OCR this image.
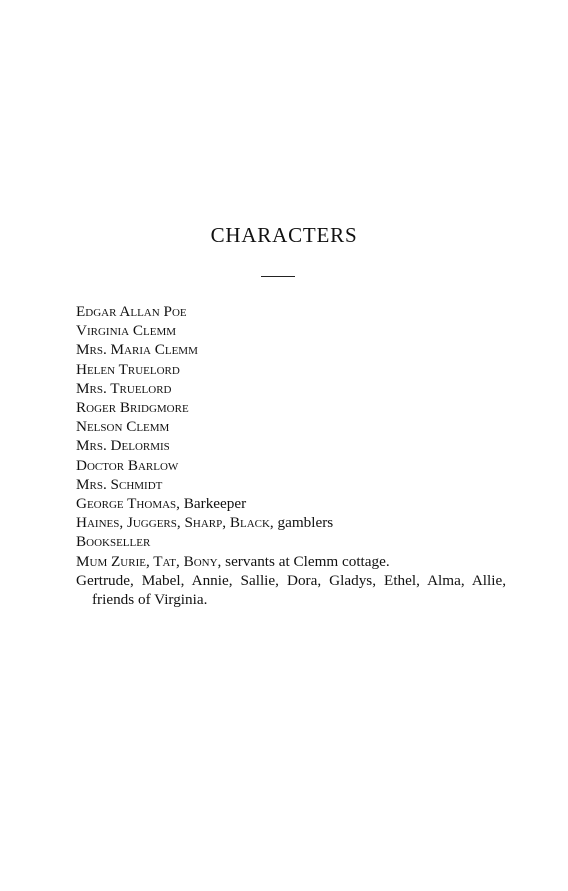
CHARACTERS
Edgar Allan Poe
Virginia Clemm
Mrs. Maria Clemm
Helen Truelord
Mrs. Truelord
Roger Bridgmore
Nelson Clemm
Mrs. Delormis
Doctor Barlow
Mrs. Schmidt
George Thomas, Barkeeper
Haines, Juggers, Sharp, Black, gamblers
Bookseller
Mum Zurie, Tat, Bony, servants at Clemm cottage.
Gertrude, Mabel, Annie, Sallie, Dora, Gladys, Ethel, Alma, Allie, friends of Virginia.
